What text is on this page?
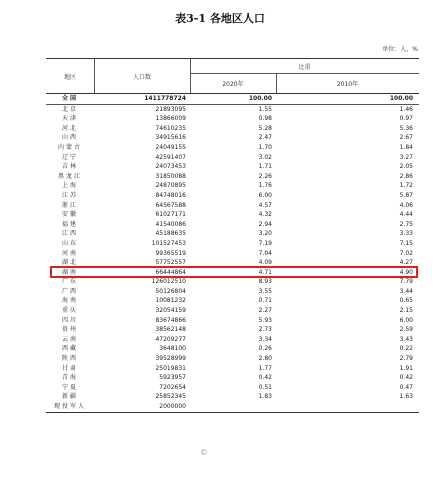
表3-1 各地区人口
单位：人，%
地区	人口数
比重
2020年	2010年
全国	1411778724	100.00	100.00
北京	21893095	1.55	1.46
天津	13866009	0.98	0.97
河北	74610235	5.28	5.36
山西	34915616	2.47	2.67
内蒙古	24049155	1.70	1.84
辽宁	42591407	3.02	3.27
吉林	24073453	1.71	2.05
黑龙江	31850088	2.26	2.86
上海	24870895	1.76	1.72
江苏	84748016	6.00	5.87
浙江	64567588	4.57	4.06
安徽	61027171	4.32	4.44
福建	41540086	2.94	2.75
江西	45188635	3.20	3.33
山东	101527453	7.19	7.15
河南	99365519	7.04	7.02
湖北	57752557	4.09	4.27
湖南	66444864	4.71	4.90
广东	126012510	8.93	7.79
广西	50126804	3.55	3.44
海南	10081232	0.71	0.65
重庆	32054159	2.27	2.15
四川	83674866	5.93	6.00
贵州	38562148	2.73	2.59
云南	47209277	3.34	3.43
西藏	3648100	0.26	0.22
陕西	39528999	2.80	2.79
甘肃	25019831	1.77	1.91
青海	5923957	0.42	0.42
宁夏	7202654	0.51	0.47
新疆	25852345	1.83	1.63
现役军人	2000000
©
